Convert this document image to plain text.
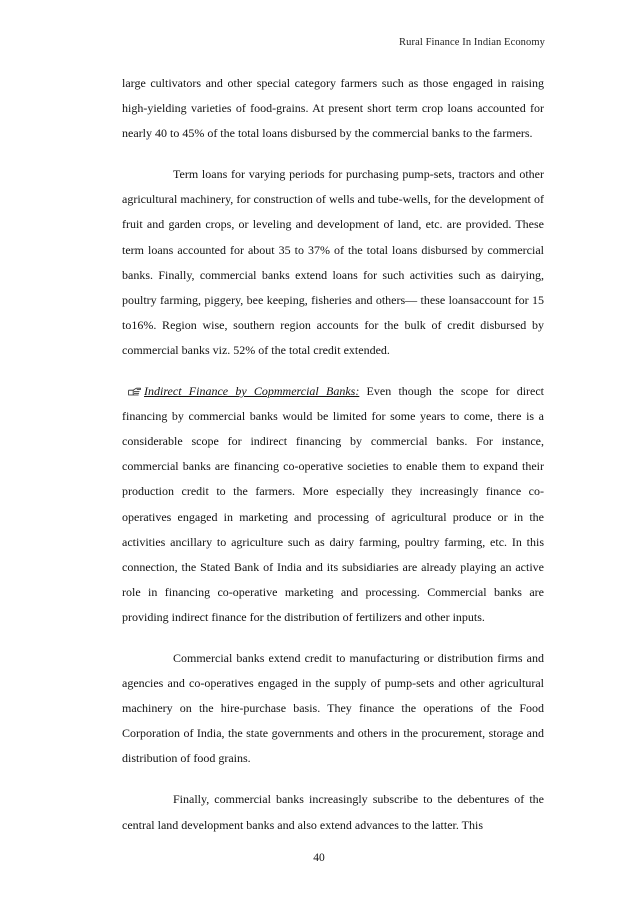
Rural Finance In Indian Economy

large cultivators and other special category farmers such as those engaged in raising high-yielding varieties of food-grains. At present short term crop loans accounted for nearly 40 to 45% of the total loans disbursed by the commercial banks to the farmers.

Term loans for varying periods for purchasing pump-sets, tractors and other agricultural machinery, for construction of wells and tube-wells, for the development of fruit and garden crops, or leveling and development of land, etc. are provided. These term loans accounted for about 35 to 37% of the total loans disbursed by commercial banks. Finally, commercial banks extend loans for such activities such as dairying, poultry farming, piggery, bee keeping, fisheries and others— these loansaccount for 15 to16%. Region wise, southern region accounts for the bulk of credit disbursed by commercial banks viz. 52% of the total credit extended.

Indirect Finance by Copmmercial Banks: Even though the scope for direct financing by commercial banks would be limited for some years to come, there is a considerable scope for indirect financing by commercial banks. For instance, commercial banks are financing co-operative societies to enable them to expand their production credit to the farmers. More especially they increasingly finance co-operatives engaged in marketing and processing of agricultural produce or in the activities ancillary to agriculture such as dairy farming, poultry farming, etc. In this connection, the Stated Bank of India and its subsidiaries are already playing an active role in financing co-operative marketing and processing. Commercial banks are providing indirect finance for the distribution of fertilizers and other inputs.

Commercial banks extend credit to manufacturing or distribution firms and agencies and co-operatives engaged in the supply of pump-sets and other agricultural machinery on the hire-purchase basis. They finance the operations of the Food Corporation of India, the state governments and others in the procurement, storage and distribution of food grains.

Finally, commercial banks increasingly subscribe to the debentures of the central land development banks and also extend advances to the latter. This

40
